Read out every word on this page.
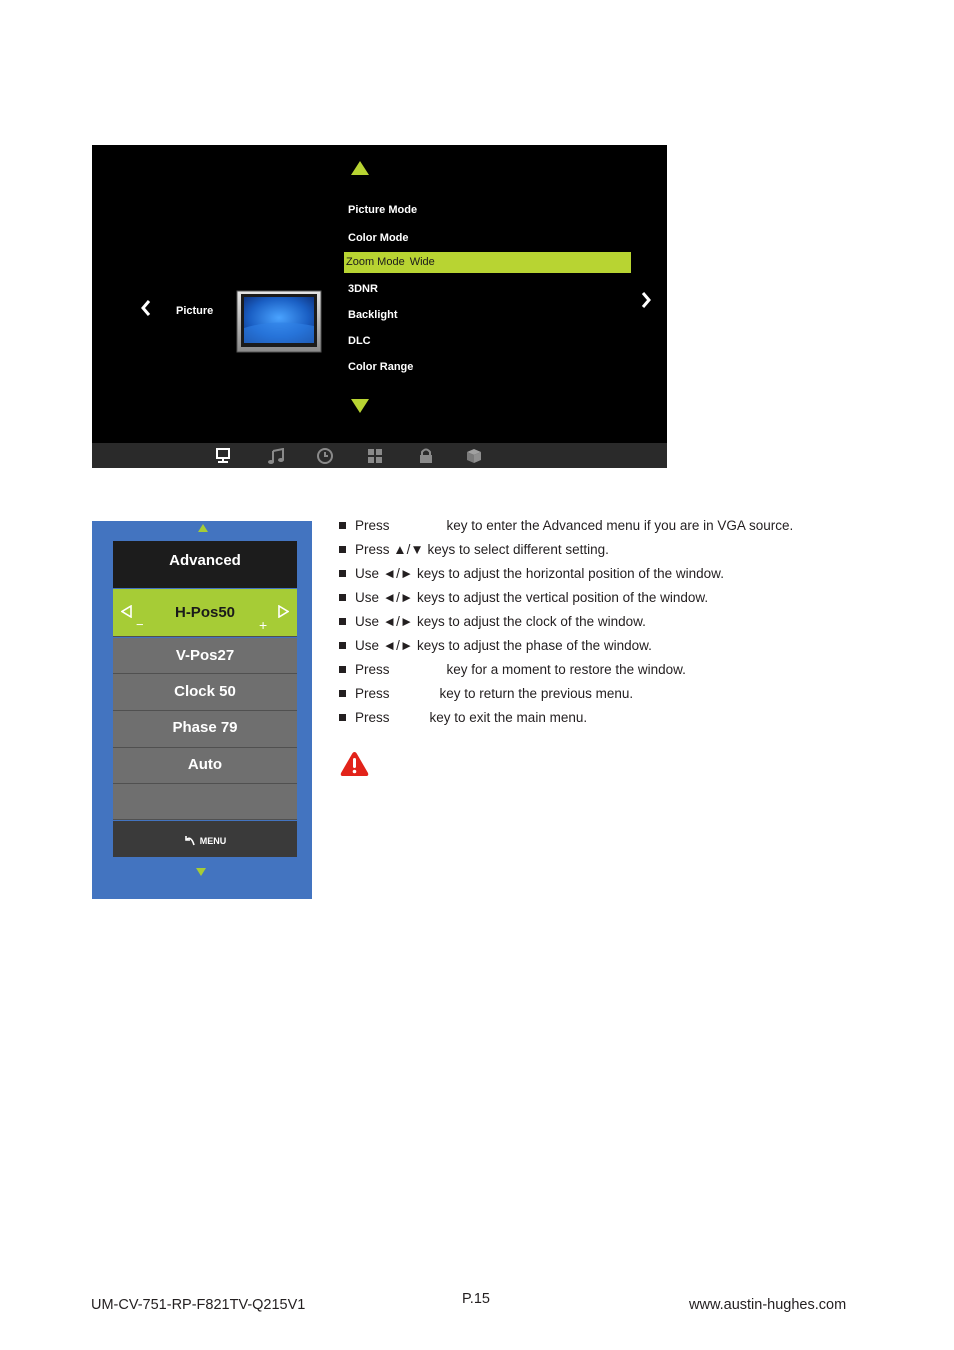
Picture
Picture Mode
Color Mode
Zoom Mode Wide
3DNR
Backlight
DLC
Color Range
Advanced
−
H-Pos50
+
V-Pos27
Clock 50
Phase 79
Auto
MENU
Press	key to enter the Advanced menu if you are in VGA source.
Press ▲/▼ keys to select different setting.
Use ◄/► keys to adjust the horizontal position of the window.
Use ◄/► keys to adjust the vertical position of the window.
Use ◄/► keys to adjust the clock of the window.
Use ◄/► keys to adjust the phase of the window.
Press	key for a moment to restore the window.
Press	key to return the previous menu.
Press	key to exit the main menu.
UM-CV-751-RP-F821TV-Q215V1	P.15	www.austin-hughes.com
